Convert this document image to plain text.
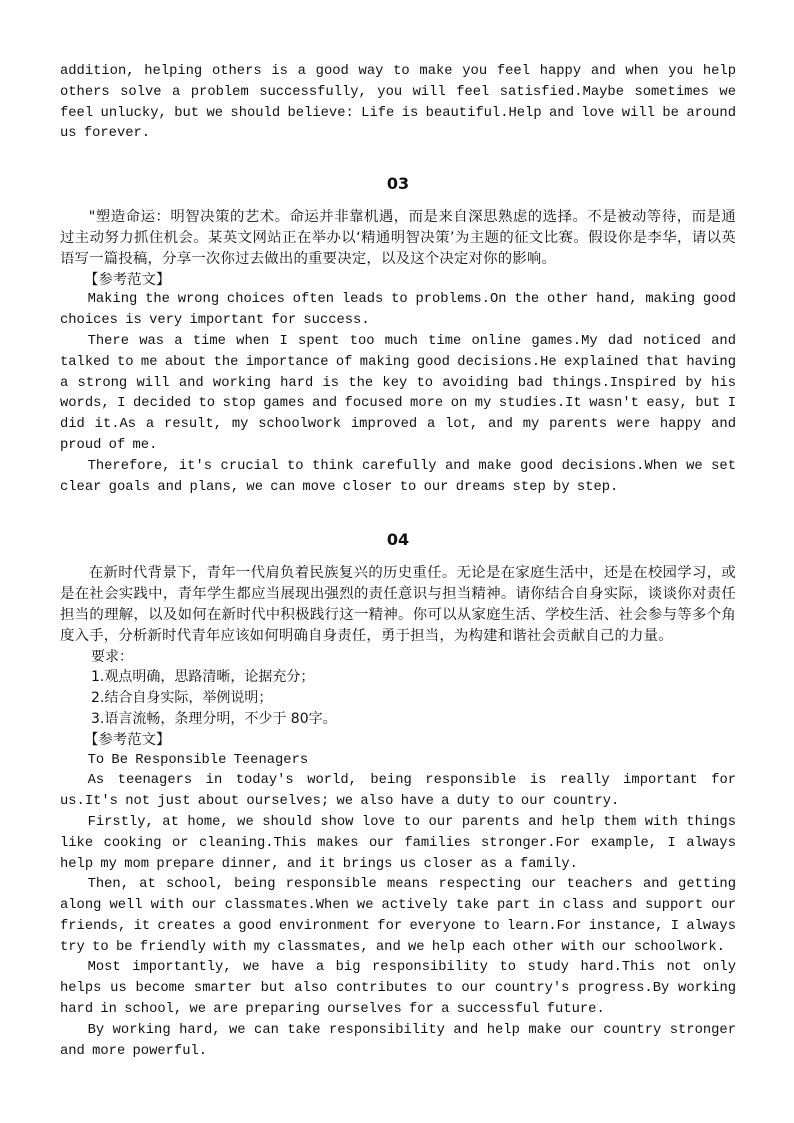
addition, helping others is a good way to make you feel happy and when you help others solve a problem successfully, you will feel satisfied.Maybe sometimes we feel unlucky, but we should believe: Life is beautiful.Help and love will be around us forever.

03

"塑造命运：明智决策的艺术。命运并非靠机遇，而是来自深思熟虑的选择。不是被动等待，而是通过主动努力抓住机会。某英文网站正在举办以‘精通明智决策’为主题的征文比赛。假设你是李华，请以英语写一篇投稿，分享一次你过去做出的重要决定，以及这个决定对你的影响。

【参考范文】

Making the wrong choices often leads to problems.On the other hand, making good choices is very important for success.

There was a time when I spent too much time online games.My dad noticed and talked to me about the importance of making good decisions.He explained that having a strong will and working hard is the key to avoiding bad things.Inspired by his words, I decided to stop games and focused more on my studies.It wasn't easy, but I did it.As a result, my schoolwork improved a lot, and my parents were happy and proud of me.

Therefore, it's crucial to think carefully and make good decisions.When we set clear goals and plans, we can move closer to our dreams step by step.

04

在新时代背景下，青年一代肩负着民族复兴的历史重任。无论是在家庭生活中，还是在校园学习，或是在社会实践中，青年学生都应当展现出强烈的责任意识与担当精神。请你结合自身实际，谈谈你对责任担当的理解，以及如何在新时代中积极践行这一精神。你可以从家庭生活、学校生活、社会参与等多个角度入手，分析新时代青年应该如何明确自身责任，勇于担当，为构建和谐社会贡献自己的力量。

要求：

1.观点明确，思路清晰，论据充分；

2.结合自身实际，举例说明；

3.语言流畅，条理分明，不少于 80字。

【参考范文】

To Be Responsible Teenagers

As teenagers in today's world, being responsible is really important for us.It's not just about ourselves; we also have a duty to our country.

Firstly, at home, we should show love to our parents and help them with things like cooking or cleaning.This makes our families stronger.For example, I always help my mom prepare dinner, and it brings us closer as a family.

Then, at school, being responsible means respecting our teachers and getting along well with our classmates.When we actively take part in class and support our friends, it creates a good environment for everyone to learn.For instance, I always try to be friendly with my classmates, and we help each other with our schoolwork.

Most importantly, we have a big responsibility to study hard.This not only helps us become smarter but also contributes to our country's progress.By working hard in school, we are preparing ourselves for a successful future.

By working hard, we can take responsibility and help make our country stronger and more powerful.
